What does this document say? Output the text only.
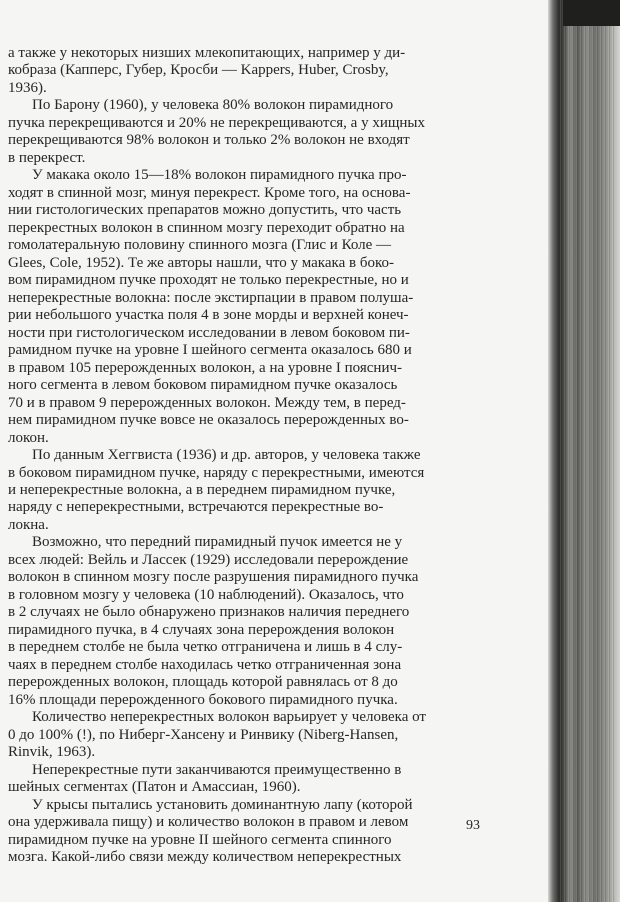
а также у некоторых низших млекопитающих, например у ди-
кобраза (Капперс, Губер, Кросби — Kappers, Huber, Crosby,
1936).
По Барону (1960), у человека 80% волокон пирамидного
пучка перекрещиваются и 20% не перекрещиваются, а у хищных
перекрещиваются 98% волокон и только 2% волокон не входят
в перекрест.
У макака около 15—18% волокон пирамидного пучка про-
ходят в спинной мозг, минуя перекрест. Кроме того, на основа-
нии гистологических препаратов можно допустить, что часть
перекрестных волокон в спинном мозгу переходит обратно на
гомолатеральную половину спинного мозга (Глис и Коле —
Glees, Cole, 1952). Те же авторы нашли, что у макака в боко-
вом пирамидном пучке проходят не только перекрестные, но и
неперекрестные волокна: после экстирпации в правом полуша-
рии небольшого участка поля 4 в зоне морды и верхней конеч-
ности при гистологическом исследовании в левом боковом пи-
рамидном пучке на уровне I шейного сегмента оказалось 680 и
в правом 105 перерожденных волокон, а на уровне I пояснич-
ного сегмента в левом боковом пирамидном пучке оказалось
70 и в правом 9 перерожденных волокон. Между тем, в перед-
нем пирамидном пучке вовсе не оказалось перерожденных во-
локон.
По данным Хеггвиста (1936) и др. авторов, у человека также
в боковом пирамидном пучке, наряду с перекрестными, имеются
и неперекрестные волокна, а в переднем пирамидном пучке,
наряду с неперекрестными, встречаются перекрестные во-
локна.
Возможно, что передний пирамидный пучок имеется не у
всех людей: Вейль и Лассек (1929) исследовали перерождение
волокон в спинном мозгу после разрушения пирамидного пучка
в головном мозгу у человека (10 наблюдений). Оказалось, что
в 2 случаях не было обнаружено признаков наличия переднего
пирамидного пучка, в 4 случаях зона перерождения волокон
в переднем столбе не была четко отграничена и лишь в 4 слу-
чаях в переднем столбе находилась четко отграниченная зона
перерожденных волокон, площадь которой равнялась от 8 до
16% площади перерожденного бокового пирамидного пучка.
Количество неперекрестных волокон варьирует у человека от
0 до 100% (!), по Ниберг-Хансену и Ринвику (Niberg-Hansen,
Rinvik, 1963).
Неперекрестные пути заканчиваются преимущественно в
шейных сегментах (Патон и Амассиан, 1960).
У крысы пытались установить доминантную лапу (которой
она удерживала пищу) и количество волокон в правом и левом
пирамидном пучке на уровне II шейного сегмента спинного
мозга. Какой-либо связи между количеством неперекрестных
93
